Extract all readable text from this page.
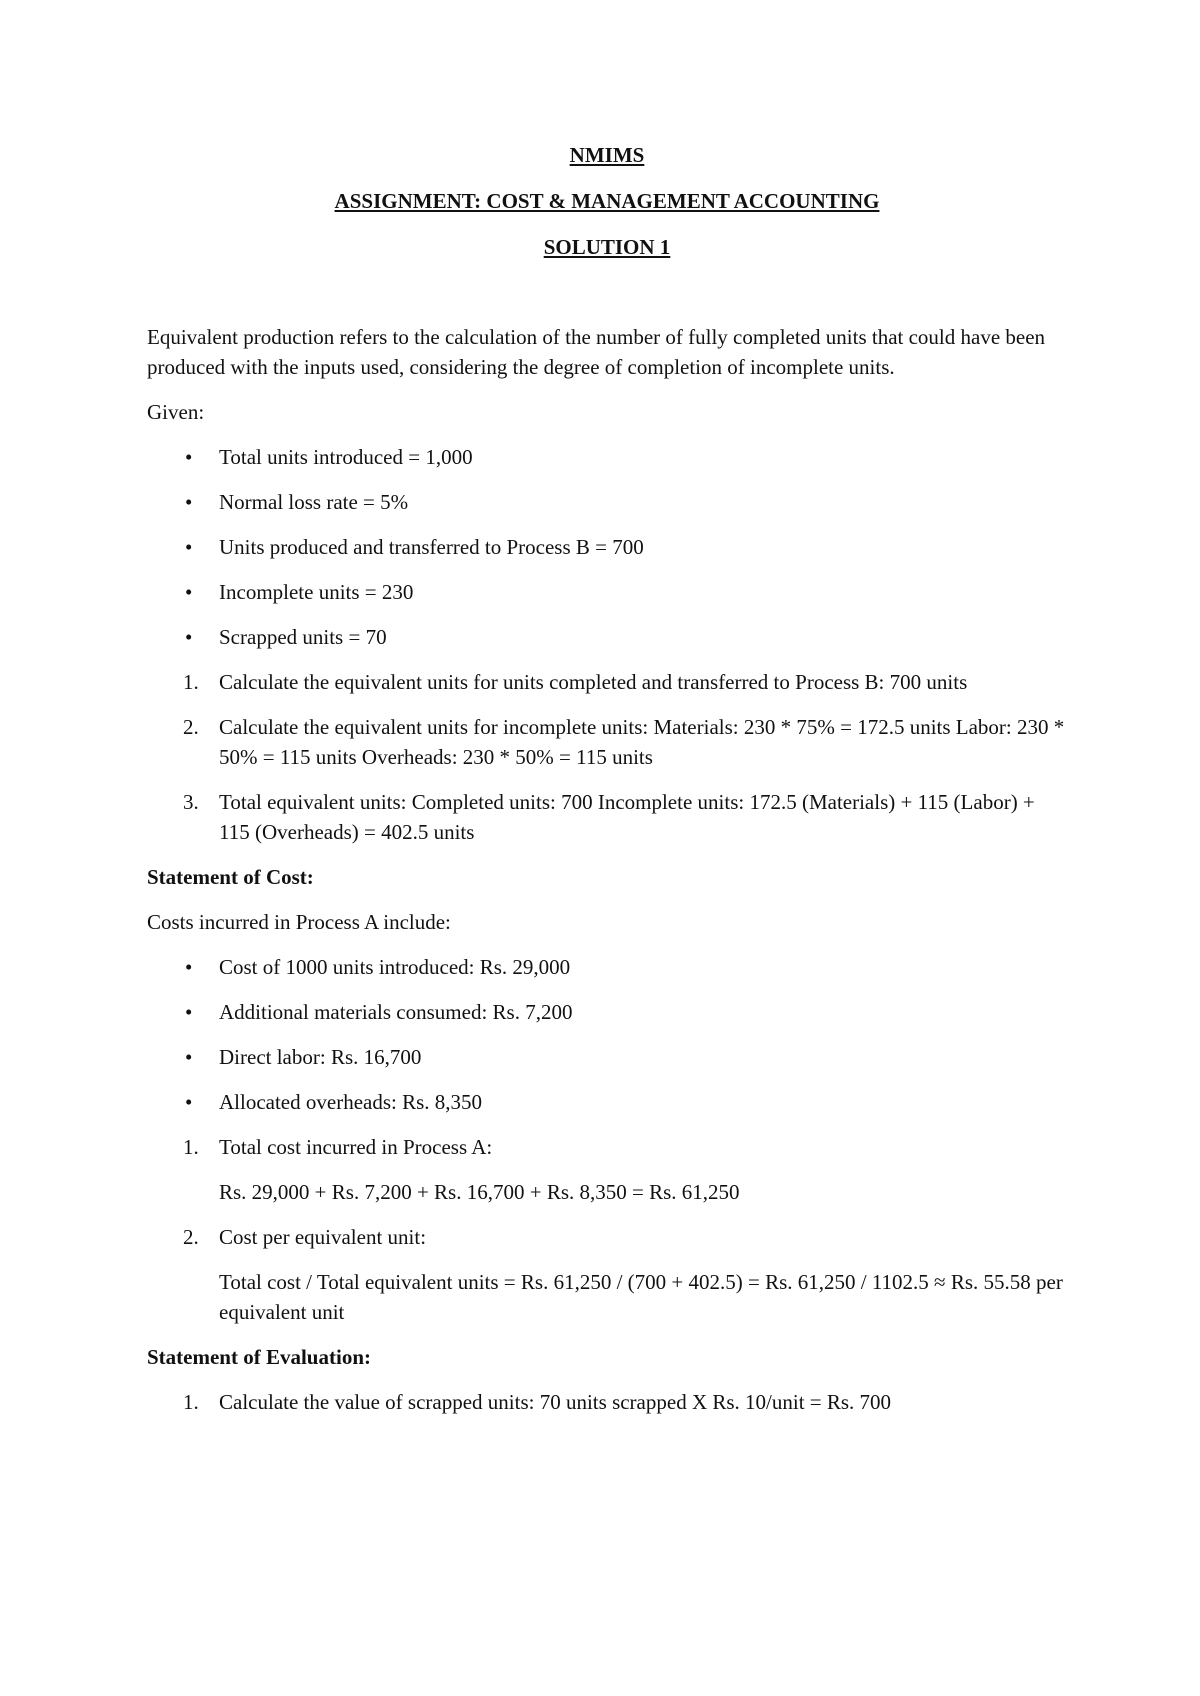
NMIMS
ASSIGNMENT: COST & MANAGEMENT ACCOUNTING
SOLUTION 1

Equivalent production refers to the calculation of the number of fully completed units that could have been produced with the inputs used, considering the degree of completion of incomplete units.

Given:

• Total units introduced = 1,000
• Normal loss rate = 5%
• Units produced and transferred to Process B = 700
• Incomplete units = 230
• Scrapped units = 70
1. Calculate the equivalent units for units completed and transferred to Process B: 700 units
2. Calculate the equivalent units for incomplete units: Materials: 230 * 75% = 172.5 units Labor: 230 * 50% = 115 units Overheads: 230 * 50% = 115 units
3. Total equivalent units: Completed units: 700 Incomplete units: 172.5 (Materials) + 115 (Labor) + 115 (Overheads) = 402.5 units

Statement of Cost:

Costs incurred in Process A include:

• Cost of 1000 units introduced: Rs. 29,000
• Additional materials consumed: Rs. 7,200
• Direct labor: Rs. 16,700
• Allocated overheads: Rs. 8,350
1. Total cost incurred in Process A:

Rs. 29,000 + Rs. 7,200 + Rs. 16,700 + Rs. 8,350 = Rs. 61,250

2. Cost per equivalent unit:

Total cost / Total equivalent units = Rs. 61,250 / (700 + 402.5) = Rs. 61,250 / 1102.5 ≈ Rs. 55.58 per equivalent unit

Statement of Evaluation:

1. Calculate the value of scrapped units: 70 units scrapped X Rs. 10/unit = Rs. 700
